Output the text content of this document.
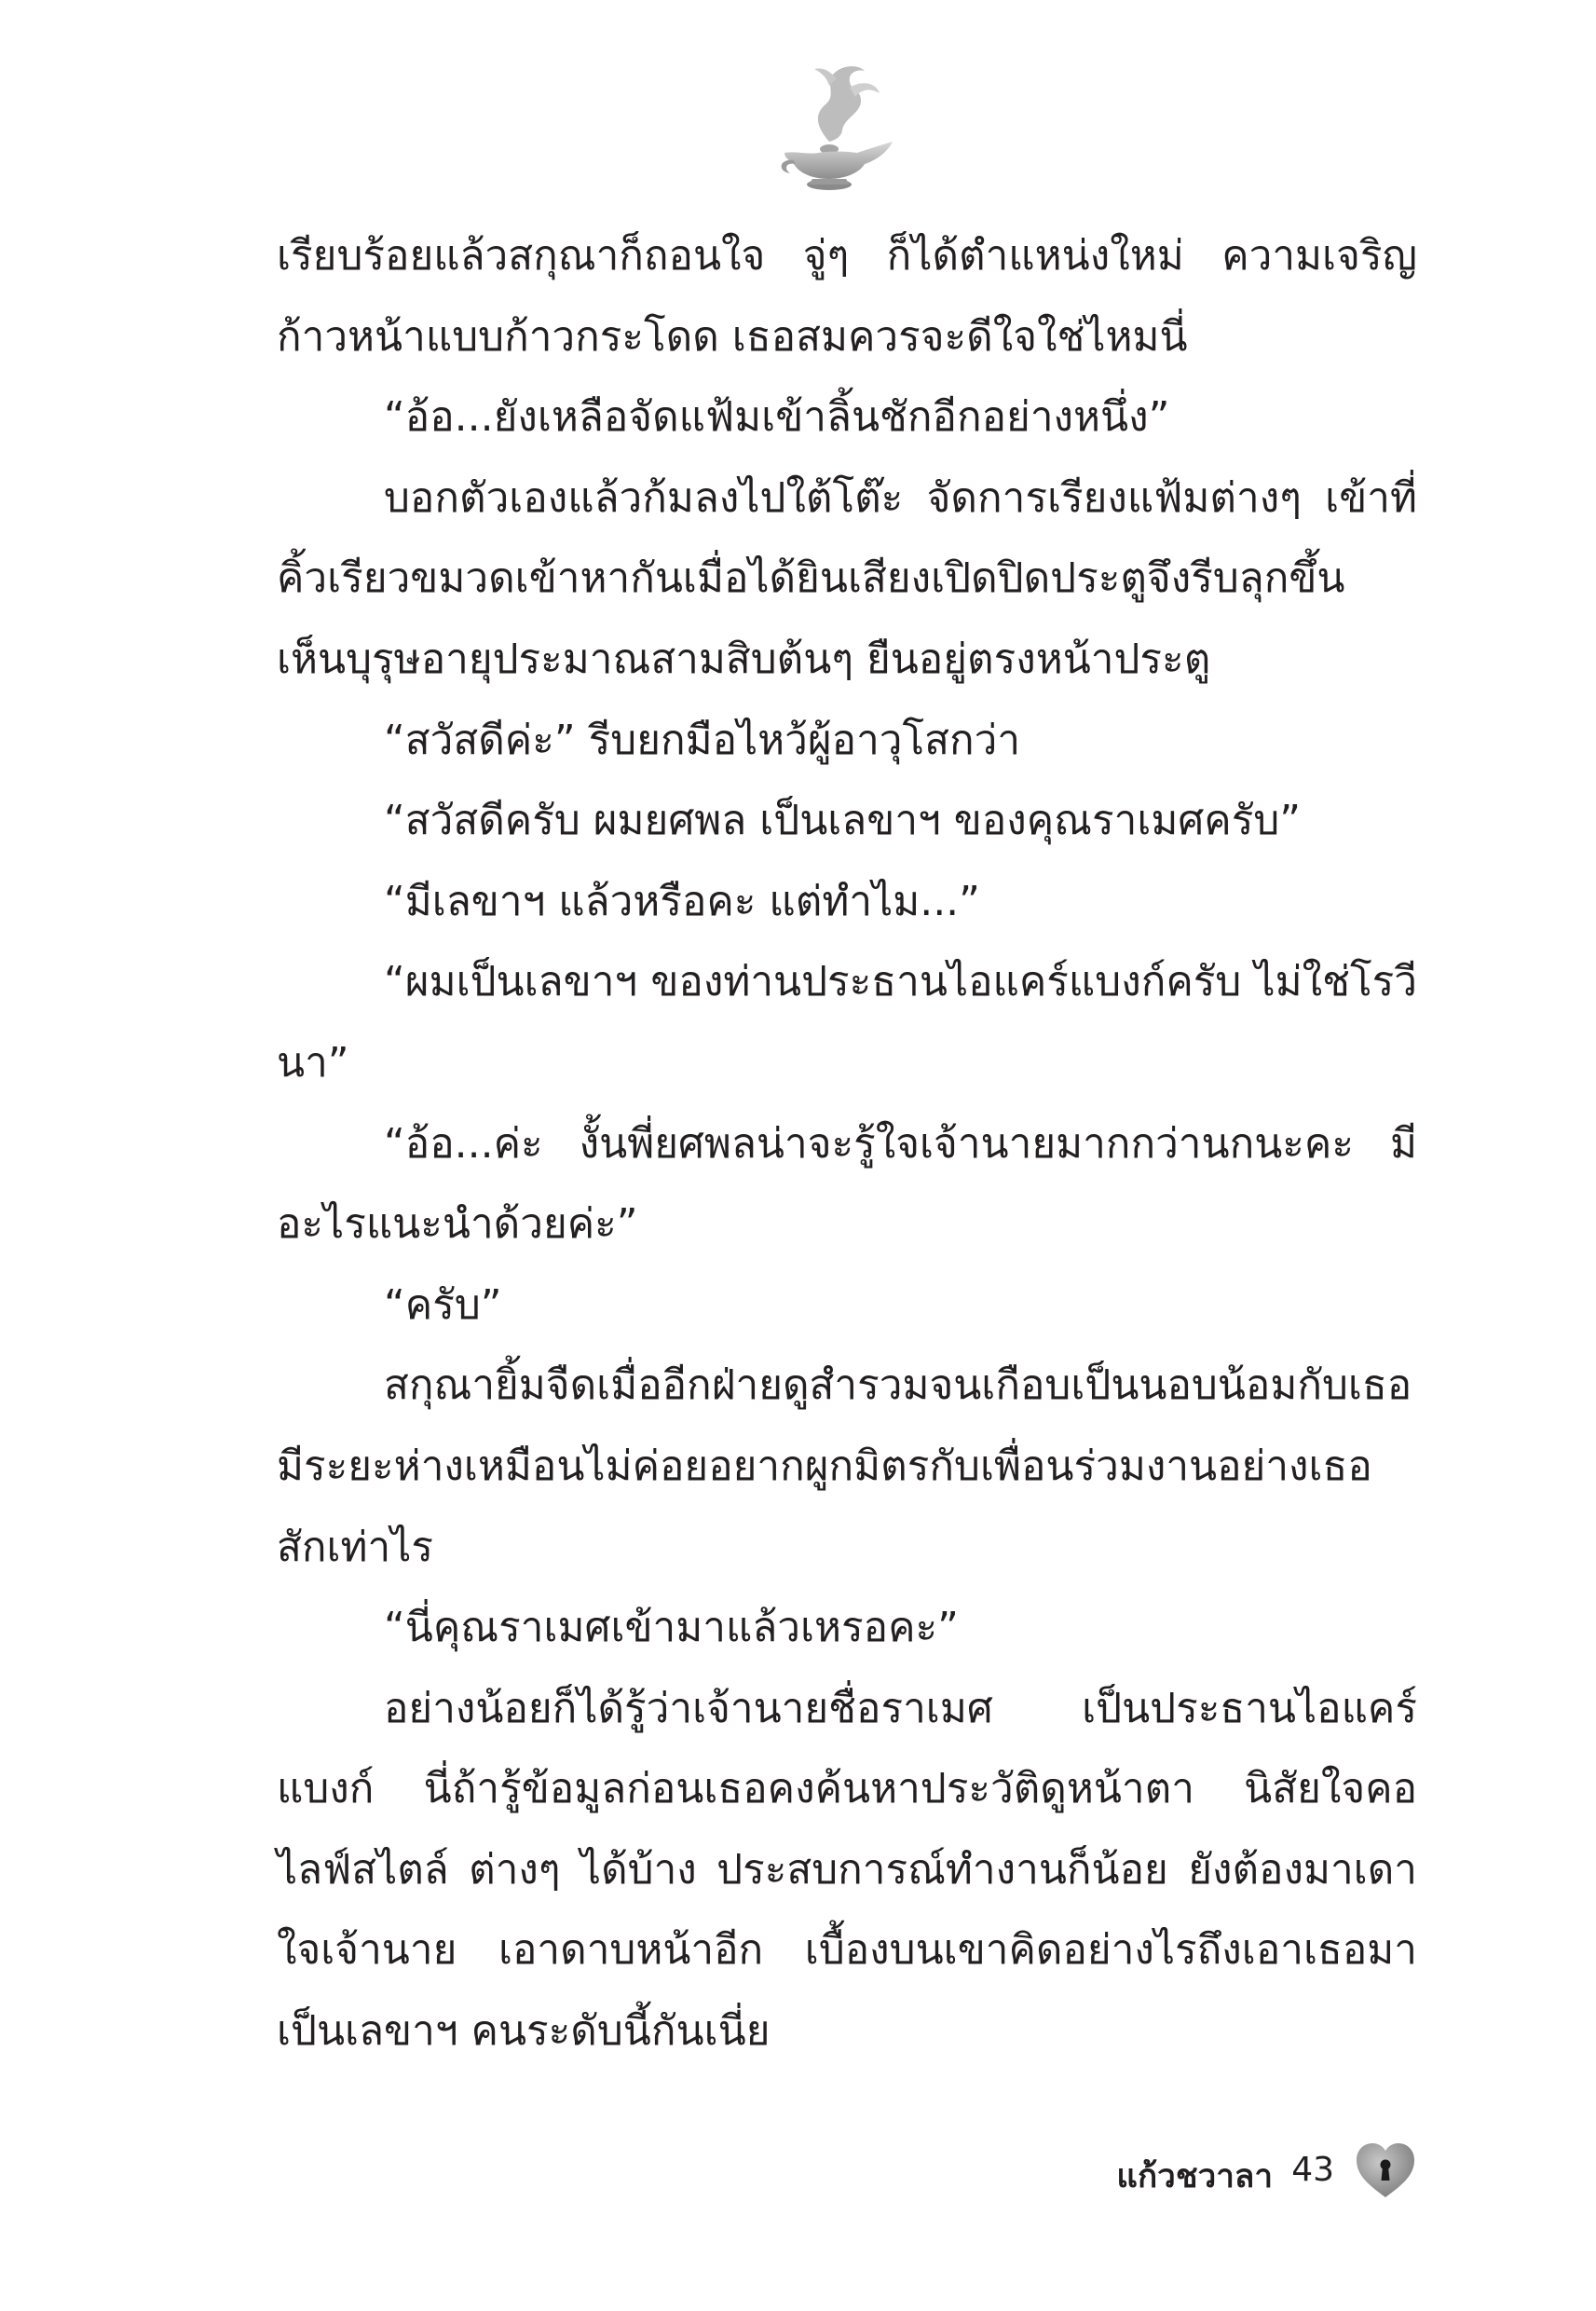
เรียบร้อยแล้วสกุณาก็ถอนใจ จู่ๆ ก็ได้ตำแหน่งใหม่ ความเจริญก้าวหน้าแบบก้าวกระโดด เธอสมควรจะดีใจใช่ไหมนี่

“อ้อ...ยังเหลือจัดแฟ้มเข้าลิ้นชักอีกอย่างหนึ่ง”

บอกตัวเองแล้วก้มลงไปใต้โต๊ะ จัดการเรียงแฟ้มต่างๆ เข้าที่ คิ้วเรียวขมวดเข้าหากันเมื่อได้ยินเสียงเปิดปิดประตูจึงรีบลุกขึ้น เห็นบุรุษอายุประมาณสามสิบต้นๆ ยืนอยู่ตรงหน้าประตู

“สวัสดีค่ะ” รีบยกมือไหว้ผู้อาวุโสกว่า

“สวัสดีครับ ผมยศพล เป็นเลขาฯ ของคุณราเมศครับ”

“มีเลขาฯ แล้วหรือคะ แต่ทำไม...”

“ผมเป็นเลขาฯ ของท่านประธานไอแคร์แบงก์ครับ ไม่ใช่โรวีนา”

“อ้อ...ค่ะ งั้นพี่ยศพลน่าจะรู้ใจเจ้านายมากกว่านกนะคะ มีอะไรแนะนำด้วยค่ะ”

“ครับ”

สกุณายิ้มจืดเมื่ออีกฝ่ายดูสำรวมจนเกือบเป็นนอบน้อมกับเธอ มีระยะห่างเหมือนไม่ค่อยอยากผูกมิตรกับเพื่อนร่วมงานอย่างเธอสักเท่าไร

“นี่คุณราเมศเข้ามาแล้วเหรอคะ”

อย่างน้อยก็ได้รู้ว่าเจ้านายชื่อราเมศ เป็นประธานไอแคร์แบงก์ นี่ถ้ารู้ข้อมูลก่อนเธอคงค้นหาประวัติดูหน้าตา นิสัยใจคอ ไลฟ์สไตล์ ต่างๆ ได้บ้าง ประสบการณ์ทำงานก็น้อย ยังต้องมาเดาใจเจ้านาย เอาดาบหน้าอีก เบื้องบนเขาคิดอย่างไรถึงเอาเธอมาเป็นเลขาฯ คนระดับนี้กันเนี่ย

แก้วชวาลา 43
